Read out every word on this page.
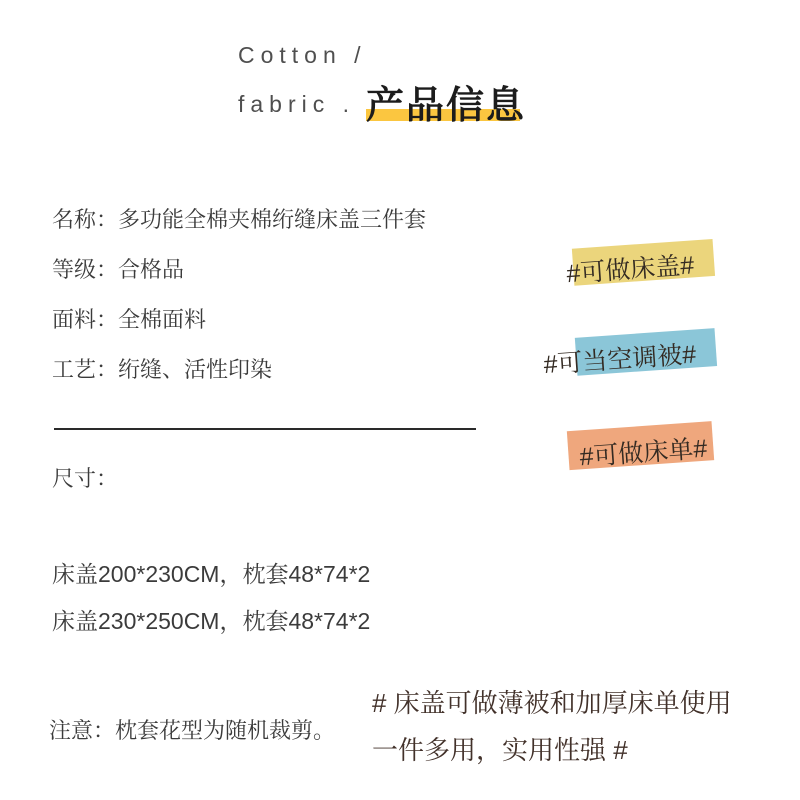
Cotton /
fabric . 产品信息
名称： 多功能全棉夹棉绗缝床盖三件套
等级： 合格品
面料： 全棉面料
工艺： 绗缝、活性印染
尺寸：
床盖200*230CM，枕套48*74*2
床盖230*250CM，枕套48*74*2
注意：枕套花型为随机裁剪。
#可做床盖#
#可当空调被#
#可做床单#
# 床盖可做薄被和加厚床单使用
一件多用，实用性强 #
